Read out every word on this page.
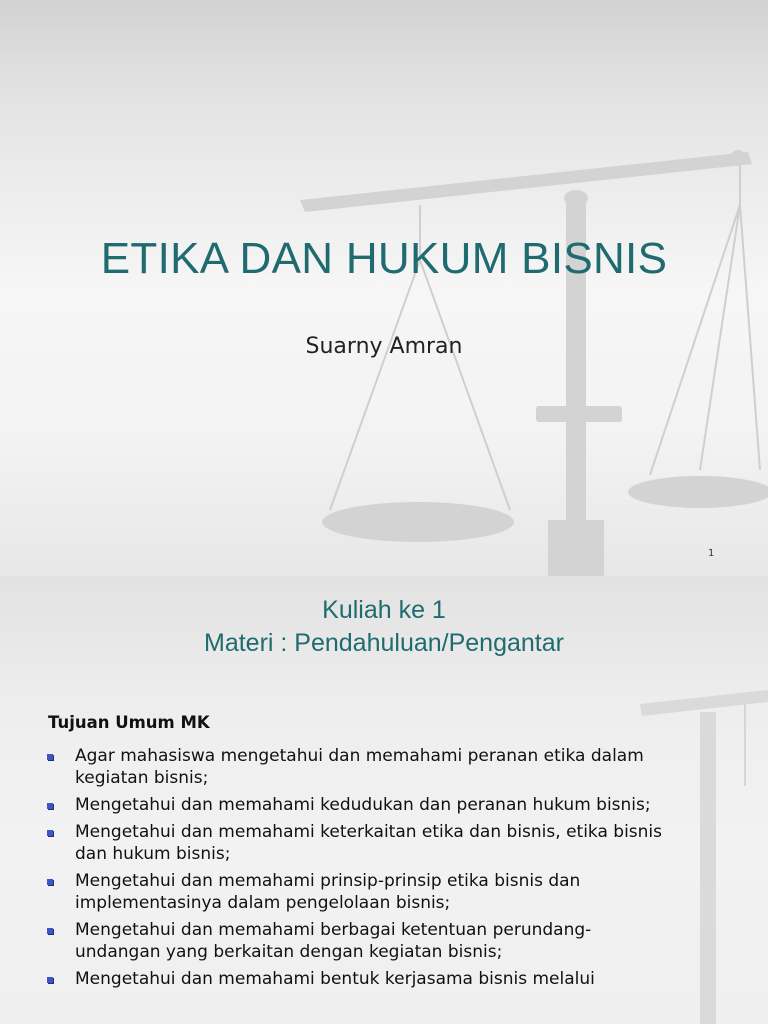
ETIKA DAN HUKUM BISNIS

Suarny Amran

1
Kuliah ke 1
Materi : Pendahuluan/Pengantar
Tujuan Umum MK
Agar mahasiswa mengetahui dan memahami peranan etika dalam
kegiatan bisnis;
Mengetahui dan memahami kedudukan dan peranan hukum bisnis;
Mengetahui dan memahami keterkaitan etika dan bisnis, etika bisnis
dan hukum bisnis;
Mengetahui dan memahami prinsip-prinsip etika bisnis dan
implementasinya dalam pengelolaan bisnis;
Mengetahui dan memahami berbagai ketentuan perundang-
undangan yang berkaitan dengan kegiatan bisnis;
Mengetahui dan memahami bentuk kerjasama bisnis melalui
